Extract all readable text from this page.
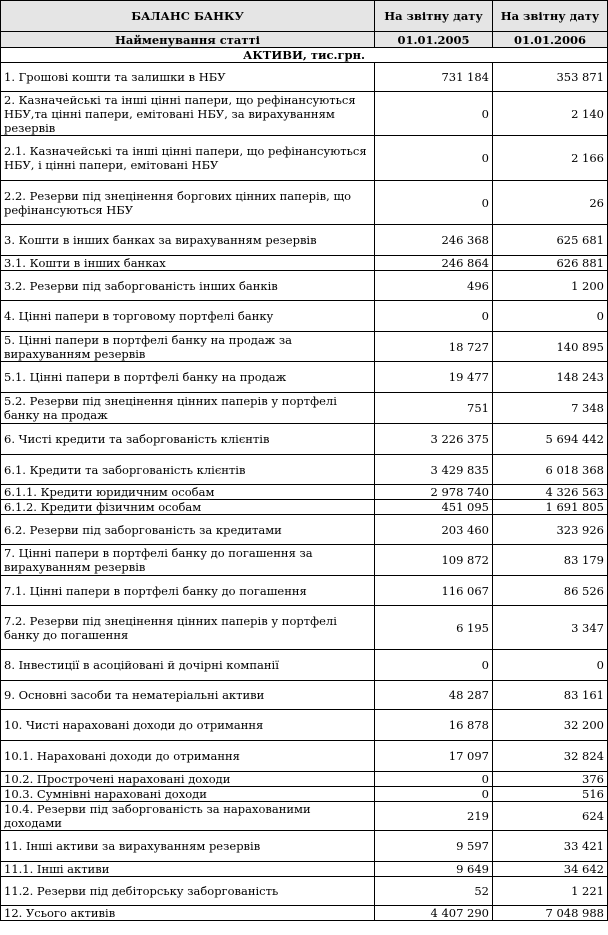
БАЛАНС БАНКУ	На звітну дату	На звітну дату
Найменування статті	01.01.2005	01.01.2006
АКТИВИ, тис.грн.		
1. Грошові кошти та залишки в НБУ	731 184	353 871
2. Казначейські та інші цінні папери, що рефінансуються НБУ,та цінні папери, емітовані НБУ, за вирахуванням резервів	0	2 140
2.1. Казначейські та інші цінні папери, що рефінансуються НБУ, і цінні папери, емітовані НБУ	0	2 166
2.2. Резерви під знецінення боргових цінних паперів, що рефінансуються НБУ	0	26
3. Кошти в інших банках за вирахуванням резервів	246 368	625 681
3.1. Кошти в інших банках	246 864	626 881
3.2. Резерви під заборгованість інших банків	496	1 200
4. Цінні папери в торговому портфелі банку	0	0
5. Цінні папери в портфелі банку на продаж за вирахуванням резервів	18 727	140 895
5.1. Цінні папери в портфелі банку на продаж	19 477	148 243
5.2. Резерви під знецінення цінних паперів у портфелі банку на продаж	751	7 348
6. Чисті кредити та заборгованість клієнтів	3 226 375	5 694 442
6.1. Кредити та заборгованість клієнтів	3 429 835	6 018 368
6.1.1. Кредити юридичним особам	2 978 740	4 326 563
6.1.2. Кредити фізичним особам	451 095	1 691 805
6.2. Резерви під заборгованість за кредитами	203 460	323 926
7. Цінні папери в портфелі банку до погашення за вирахуванням резервів	109 872	83 179
7.1. Цінні папери в портфелі банку до погашення	116 067	86 526
7.2. Резерви під знецінення цінних паперів у портфелі банку до погашення	6 195	3 347
8. Інвестиції в асоційовані й дочірні компанії	0	0
9. Основні засоби та нематеріальні активи	48 287	83 161
10. Чисті нараховані доходи до отримання	16 878	32 200
10.1. Нараховані доходи до отримання	17 097	32 824
10.2. Прострочені нараховані доходи	0	376
10.3. Сумнівні нараховані доходи	0	516
10.4. Резерви під заборгованість за нарахованими доходами	219	624
11. Інші активи за вирахуванням резервів	9 597	33 421
11.1. Інші активи	9 649	34 642
11.2. Резерви під дебіторську заборгованість	52	1 221
12. Усього активів	4 407 290	7 048 988
